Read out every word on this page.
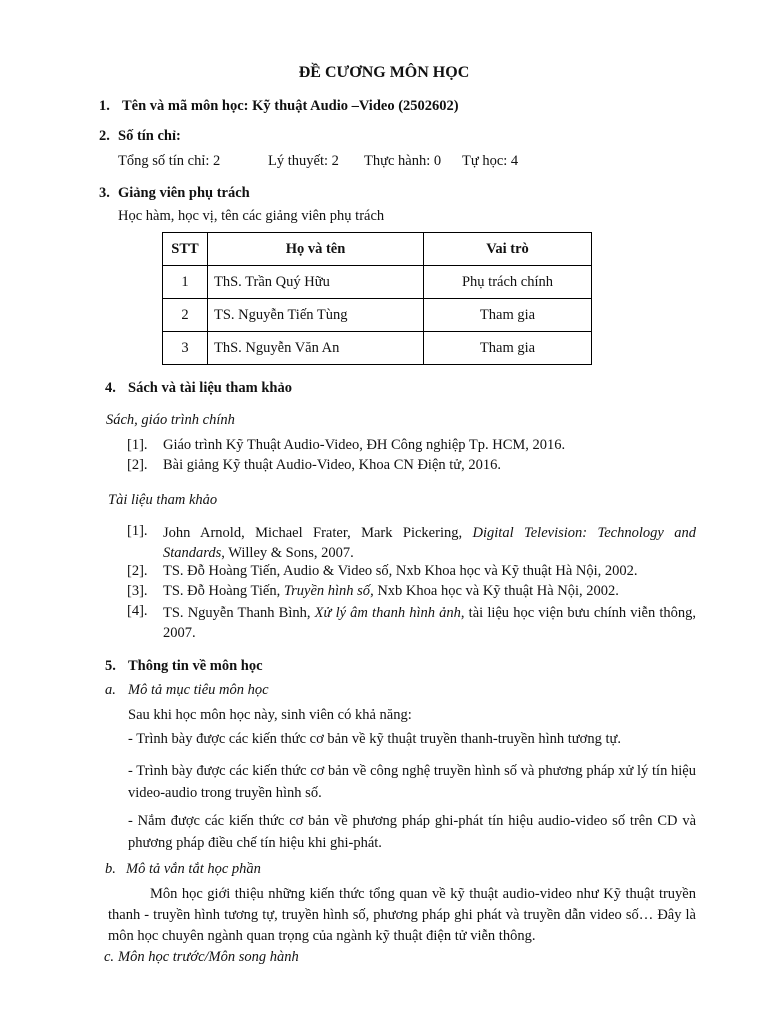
ĐỀ CƯƠNG MÔN HỌC
1. Tên và mã môn học: Kỹ thuật Audio –Video (2502602)
2. Số tín chỉ:
Tổng số tín chỉ: 2	Lý thuyết: 2 Thực hành: 0 Tự học: 4
3. Giảng viên phụ trách
Học hàm, học vị, tên các giảng viên phụ trách
STT	Họ và tên	Vai trò
1	ThS. Trần Quý Hữu	Phụ trách chính
2	TS. Nguyễn Tiến Tùng	Tham gia
3	ThS. Nguyễn Văn An	Tham gia
4. Sách và tài liệu tham khảo
Sách, giáo trình chính
[1]. Giáo trình Kỹ Thuật Audio-Video, ĐH Công nghiệp Tp. HCM, 2016.
[2]. Bài giảng Kỹ thuật Audio-Video, Khoa CN Điện tử, 2016.
Tài liệu tham khảo
[1]. John Arnold, Michael Frater, Mark Pickering, Digital Television: Technology and Standards, Willey & Sons, 2007.
[2]. TS. Đỗ Hoàng Tiến, Audio & Video số, Nxb Khoa học và Kỹ thuật Hà Nội, 2002.
[3]. TS. Đỗ Hoàng Tiến, Truyền hình số, Nxb Khoa học và Kỹ thuật Hà Nội, 2002.
[4]. TS. Nguyễn Thanh Bình, Xử lý âm thanh hình ảnh, tài liệu học viện bưu chính viễn thông, 2007.
5. Thông tin về môn học
a. Mô tả mục tiêu môn học
Sau khi học môn học này, sinh viên có khả năng:
- Trình bày được các kiến thức cơ bản về kỹ thuật truyền thanh-truyền hình tương tự.
- Trình bày được các kiến thức cơ bản về công nghệ truyền hình số và phương pháp xử lý tín hiệu video-audio trong truyền hình số.
- Nắm được các kiến thức cơ bản về phương pháp ghi-phát tín hiệu audio-video số trên CD và phương pháp điều chế tín hiệu khi ghi-phát.
b. Mô tả vắn tắt học phần
Môn học giới thiệu những kiến thức tổng quan về kỹ thuật audio-video như Kỹ thuật truyền thanh - truyền hình tương tự, truyền hình số, phương pháp ghi phát và truyền dẫn video số… Đây là môn học chuyên ngành quan trọng của ngành kỹ thuật điện tử viễn thông.
c. Môn học trước/Môn song hành
